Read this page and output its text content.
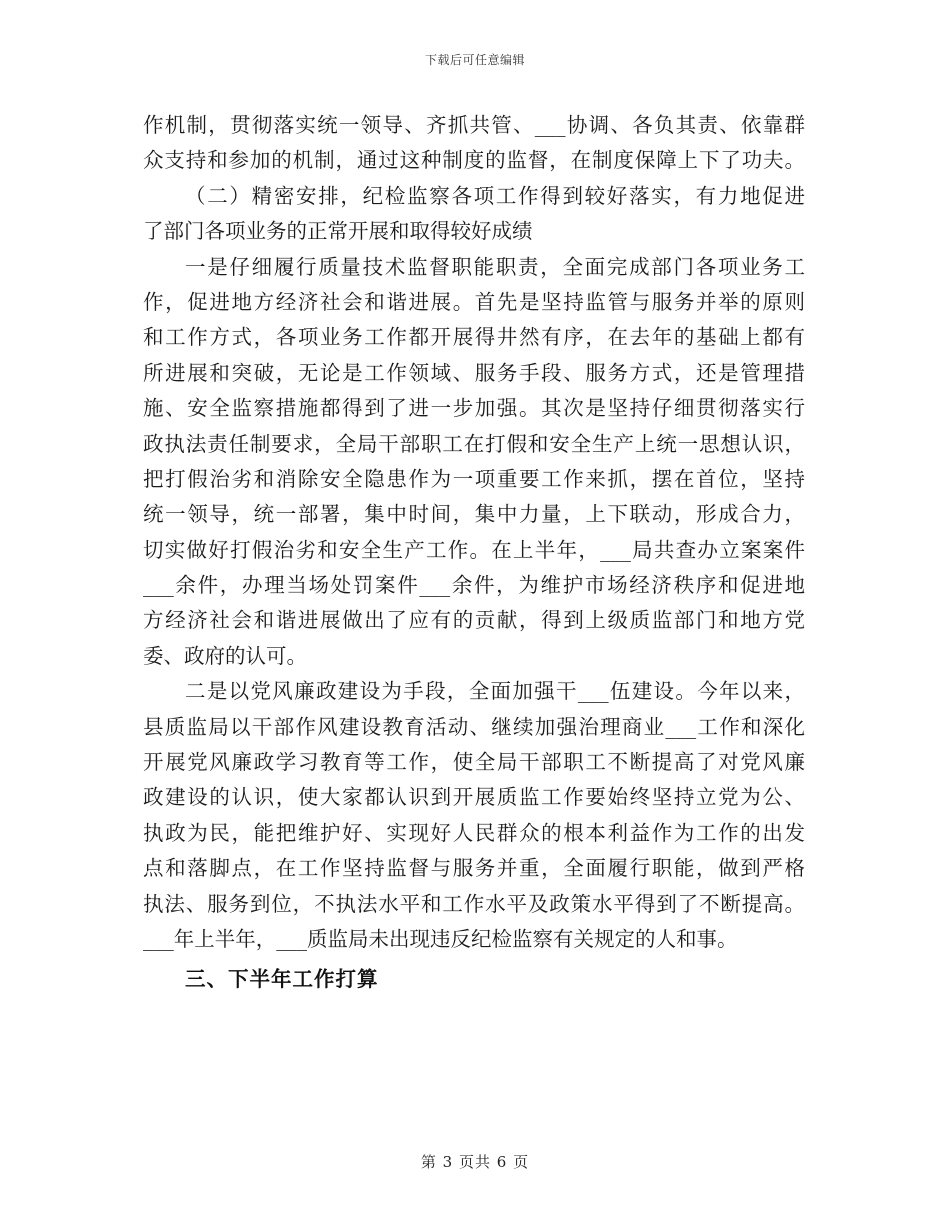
下载后可任意编辑
作机制，贯彻落实统一领导、齐抓共管、___协调、各负其责、依靠群
众支持和参加的机制，通过这种制度的监督，在制度保障上下了功夫。
（二）精密安排，纪检监察各项工作得到较好落实，有力地促进
了部门各项业务的正常开展和取得较好成绩
一是仔细履行质量技术监督职能职责，全面完成部门各项业务工
作，促进地方经济社会和谐进展。首先是坚持监管与服务并举的原则
和工作方式，各项业务工作都开展得井然有序，在去年的基础上都有
所进展和突破，无论是工作领域、服务手段、服务方式，还是管理措
施、安全监察措施都得到了进一步加强。其次是坚持仔细贯彻落实行
政执法责任制要求，全局干部职工在打假和安全生产上统一思想认识，
把打假治劣和消除安全隐患作为一项重要工作来抓，摆在首位，坚持
统一领导，统一部署，集中时间，集中力量，上下联动，形成合力，
切实做好打假治劣和安全生产工作。在上半年，___局共查办立案案件
___余件，办理当场处罚案件___余件，为维护市场经济秩序和促进地
方经济社会和谐进展做出了应有的贡献，得到上级质监部门和地方党
委、政府的认可。
二是以党风廉政建设为手段，全面加强干___伍建设。今年以来，
县质监局以干部作风建设教育活动、继续加强治理商业___工作和深化
开展党风廉政学习教育等工作，使全局干部职工不断提高了对党风廉
政建设的认识，使大家都认识到开展质监工作要始终坚持立党为公、
执政为民，能把维护好、实现好人民群众的根本利益作为工作的出发
点和落脚点，在工作坚持监督与服务并重，全面履行职能，做到严格
执法、服务到位，不执法水平和工作水平及政策水平得到了不断提高。
___年上半年，___质监局未出现违反纪检监察有关规定的人和事。
三、下半年工作打算
第 3 页共 6 页
